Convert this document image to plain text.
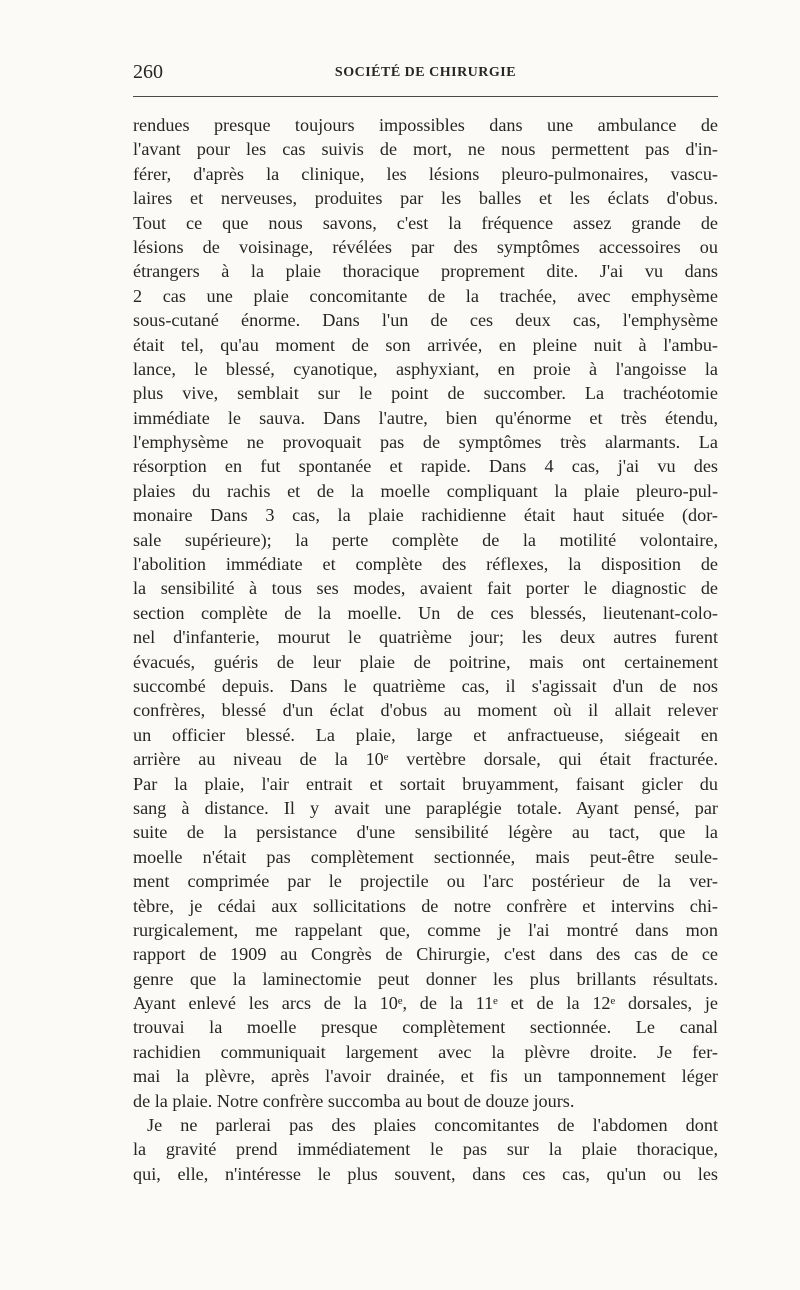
260	SOCIÉTÉ DE CHIRURGIE
rendues presque toujours impossibles dans une ambulance de
l'avant pour les cas suivis de mort, ne nous permettent pas d'in-
férer, d'après la clinique, les lésions pleuro-pulmonaires, vascu-
laires et nerveuses, produites par les balles et les éclats d'obus.
Tout ce que nous savons, c'est la fréquence assez grande de
lésions de voisinage, révélées par des symptômes accessoires ou
étrangers à la plaie thoracique proprement dite. J'ai vu dans
2 cas une plaie concomitante de la trachée, avec emphysème
sous-cutané énorme. Dans l'un de ces deux cas, l'emphysème
était tel, qu'au moment de son arrivée, en pleine nuit à l'ambu-
lance, le blessé, cyanotique, asphyxiant, en proie à l'angoisse la
plus vive, semblait sur le point de succomber. La trachéotomie
immédiate le sauva. Dans l'autre, bien qu'énorme et très étendu,
l'emphysème ne provoquait pas de symptômes très alarmants. La
résorption en fut spontanée et rapide. Dans 4 cas, j'ai vu des
plaies du rachis et de la moelle compliquant la plaie pleuro-pul-
monaire Dans 3 cas, la plaie rachidienne était haut située (dor-
sale supérieure); la perte complète de la motilité volontaire,
l'abolition immédiate et complète des réflexes, la disposition de
la sensibilité à tous ses modes, avaient fait porter le diagnostic de
section complète de la moelle. Un de ces blessés, lieutenant-colo-
nel d'infanterie, mourut le quatrième jour; les deux autres furent
évacués, guéris de leur plaie de poitrine, mais ont certainement
succombé depuis. Dans le quatrième cas, il s'agissait d'un de nos
confrères, blessé d'un éclat d'obus au moment où il allait relever
un officier blessé. La plaie, large et anfractueuse, siégeait en
arrière au niveau de la 10ᵉ vertèbre dorsale, qui était fracturée.
Par la plaie, l'air entrait et sortait bruyamment, faisant gicler du
sang à distance. Il y avait une paraplégie totale. Ayant pensé, par
suite de la persistance d'une sensibilité légère au tact, que la
moelle n'était pas complètement sectionnée, mais peut-être seule-
ment comprimée par le projectile ou l'arc postérieur de la ver-
tèbre, je cédai aux sollicitations de notre confrère et intervins chi-
rurgicalement, me rappelant que, comme je l'ai montré dans mon
rapport de 1909 au Congrès de Chirurgie, c'est dans des cas de ce
genre que la laminectomie peut donner les plus brillants résultats.
Ayant enlevé les arcs de la 10ᵉ, de la 11ᵉ et de la 12ᵉ dorsales, je
trouvai la moelle presque complètement sectionnée. Le canal
rachidien communiquait largement avec la plèvre droite. Je fer-
mai la plèvre, après l'avoir drainée, et fis un tamponnement léger
de la plaie. Notre confrère succomba au bout de douze jours.
Je ne parlerai pas des plaies concomitantes de l'abdomen dont
la gravité prend immédiatement le pas sur la plaie thoracique,
qui, elle, n'intéresse le plus souvent, dans ces cas, qu'un ou les
